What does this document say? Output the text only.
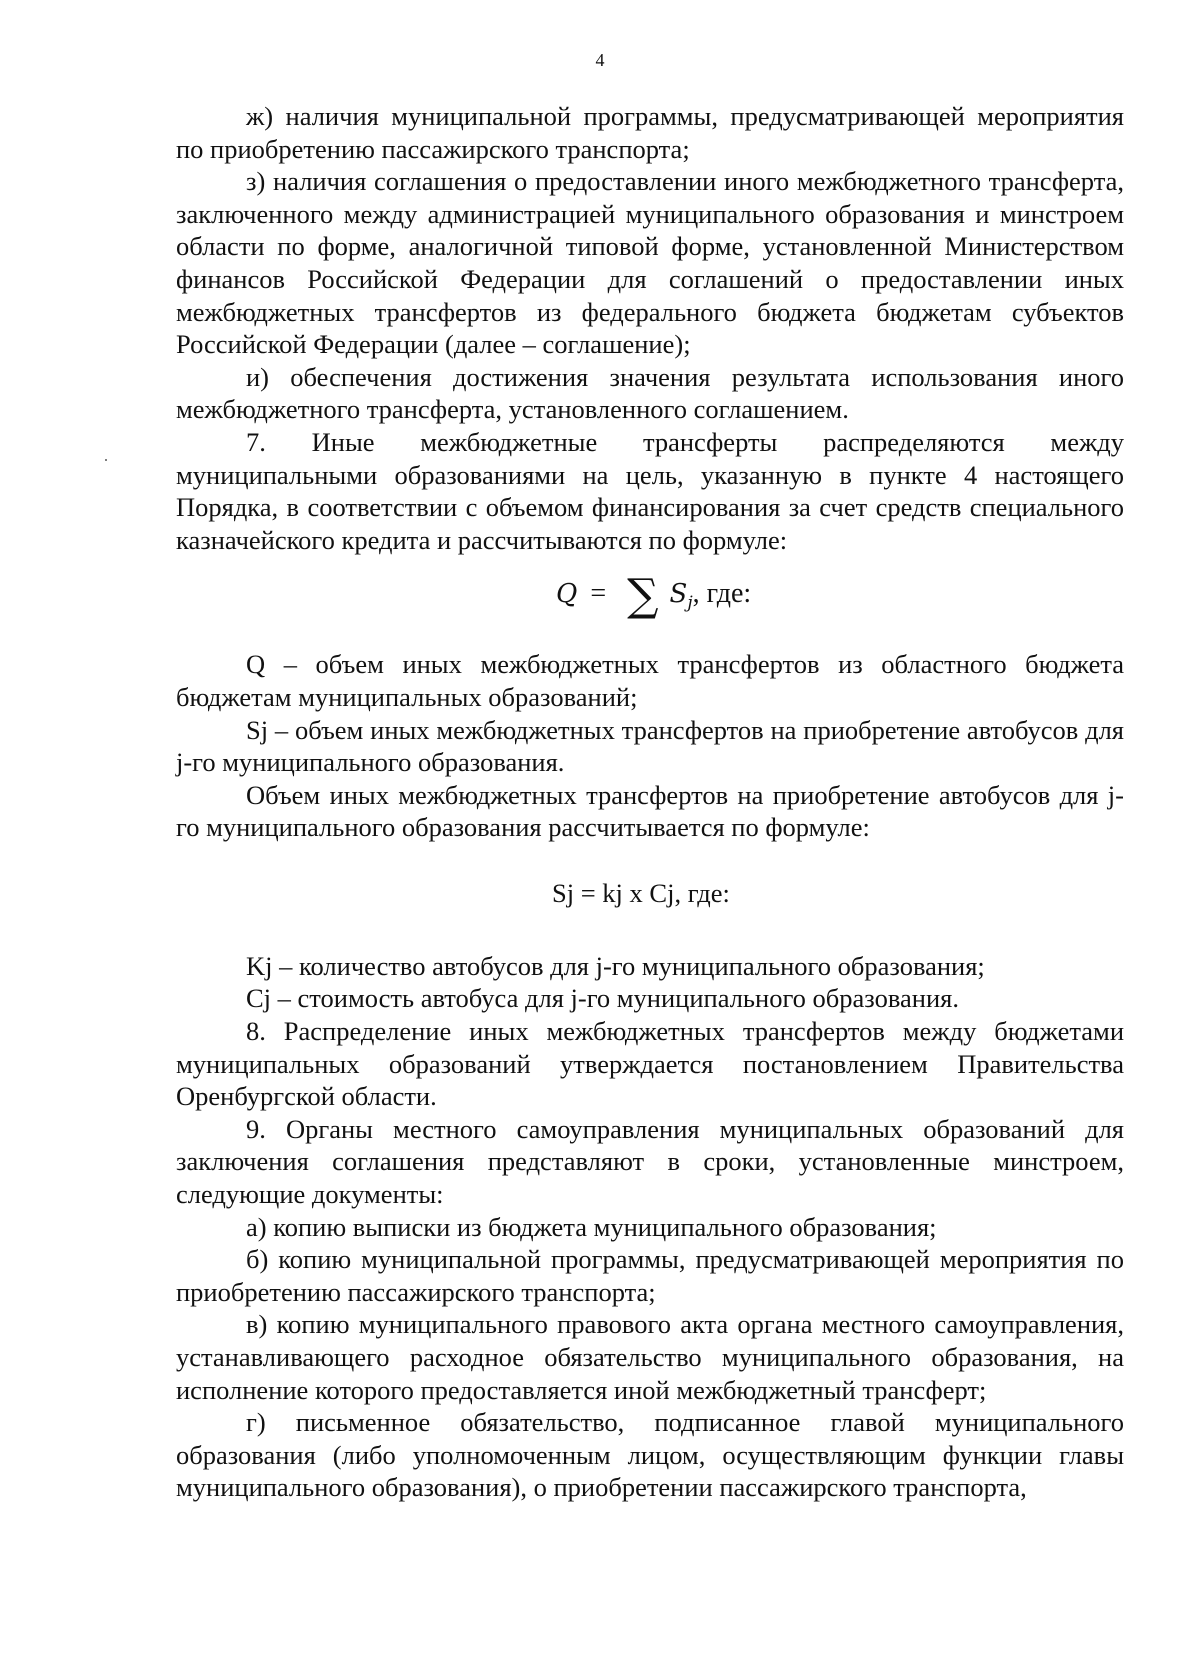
4

ж) наличия муниципальной программы, предусматривающей мероприятия по приобретению пассажирского транспорта;

з) наличия соглашения о предоставлении иного межбюджетного трансферта, заключенного между администрацией муниципального образования и минстроем области по форме, аналогичной типовой форме, установленной Министерством финансов Российской Федерации для соглашений о предоставлении иных межбюджетных трансфертов из федерального бюджета бюджетам субъектов Российской Федерации (далее – соглашение);

и) обеспечения достижения значения результата использования иного межбюджетного трансферта, установленного соглашением.

7. Иные межбюджетные трансферты распределяются между муниципальными образованиями на цель, указанную в пункте 4 настоящего Порядка, в соответствии с объемом финансирования за счет средств специального казначейского кредита и рассчитываются по формуле:

Q = ∑ $S_j$, где:

Q – объем иных межбюджетных трансфертов из областного бюджета бюджетам муниципальных образований;

Sj – объем иных межбюджетных трансфертов на приобретение автобусов для j-го муниципального образования.

Объем иных межбюджетных трансфертов на приобретение автобусов для j-го муниципального образования рассчитывается по формуле:

Sj = kj x Cj, где:

Kj – количество автобусов для j-го муниципального образования;

Cj – стоимость автобуса для j-го муниципального образования.

8. Распределение иных межбюджетных трансфертов между бюджетами муниципальных образований утверждается постановлением Правительства Оренбургской области.

9. Органы местного самоуправления муниципальных образований для заключения соглашения представляют в сроки, установленные минстроем, следующие документы:

а) копию выписки из бюджета муниципального образования;

б) копию муниципальной программы, предусматривающей мероприятия по приобретению пассажирского транспорта;

в) копию муниципального правового акта органа местного самоуправления, устанавливающего расходное обязательство муниципального образования, на исполнение которого предоставляется иной межбюджетный трансферт;

г) письменное обязательство, подписанное главой муниципального образования (либо уполномоченным лицом, осуществляющим функции главы муниципального образования), о приобретении пассажирского транспорта,
